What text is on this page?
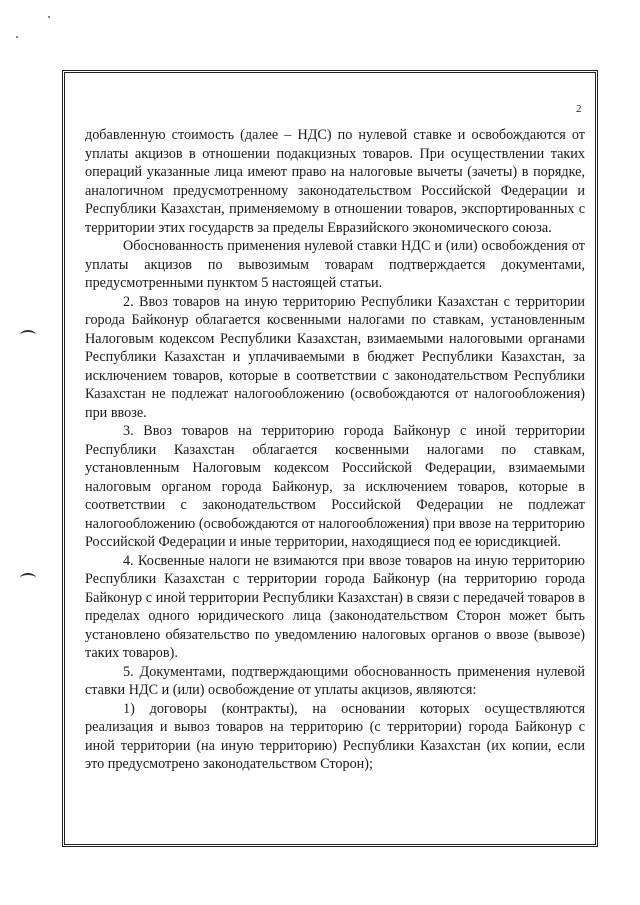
2

добавленную стоимость (далее – НДС) по нулевой ставке и освобождаются от уплаты акцизов в отношении подакцизных товаров. При осуществлении таких операций указанные лица имеют право на налоговые вычеты (зачеты) в порядке, аналогичном предусмотренному законодательством Российской Федерации и Республики Казахстан, применяемому в отношении товаров, экспортированных с территории этих государств за пределы Евразийского экономического союза.

Обоснованность применения нулевой ставки НДС и (или) освобождения от уплаты акцизов по вывозимым товарам подтверждается документами, предусмотренными пунктом 5 настоящей статьи.

2. Ввоз товаров на иную территорию Республики Казахстан с территории города Байконур облагается косвенными налогами по ставкам, установленным Налоговым кодексом Республики Казахстан, взимаемыми налоговыми органами Республики Казахстан и уплачиваемыми в бюджет Республики Казахстан, за исключением товаров, которые в соответствии с законодательством Республики Казахстан не подлежат налогообложению (освобождаются от налогообложения) при ввозе.

3. Ввоз товаров на территорию города Байконур с иной территории Республики Казахстан облагается косвенными налогами по ставкам, установленным Налоговым кодексом Российской Федерации, взимаемыми налоговым органом города Байконур, за исключением товаров, которые в соответствии с законодательством Российской Федерации не подлежат налогообложению (освобождаются от налогообложения) при ввозе на территорию Российской Федерации и иные территории, находящиеся под ее юрисдикцией.

4. Косвенные налоги не взимаются при ввозе товаров на иную территорию Республики Казахстан с территории города Байконур (на территорию города Байконур с иной территории Республики Казахстан) в связи с передачей товаров в пределах одного юридического лица (законодательством Сторон может быть установлено обязательство по уведомлению налоговых органов о ввозе (вывозе) таких товаров).

5. Документами, подтверждающими обоснованность применения нулевой ставки НДС и (или) освобождение от уплаты акцизов, являются:

1) договоры (контракты), на основании которых осуществляются реализация и вывоз товаров на территорию (с территории) города Байконур с иной территории (на иную территорию) Республики Казахстан (их копии, если это предусмотрено законодательством Сторон);
